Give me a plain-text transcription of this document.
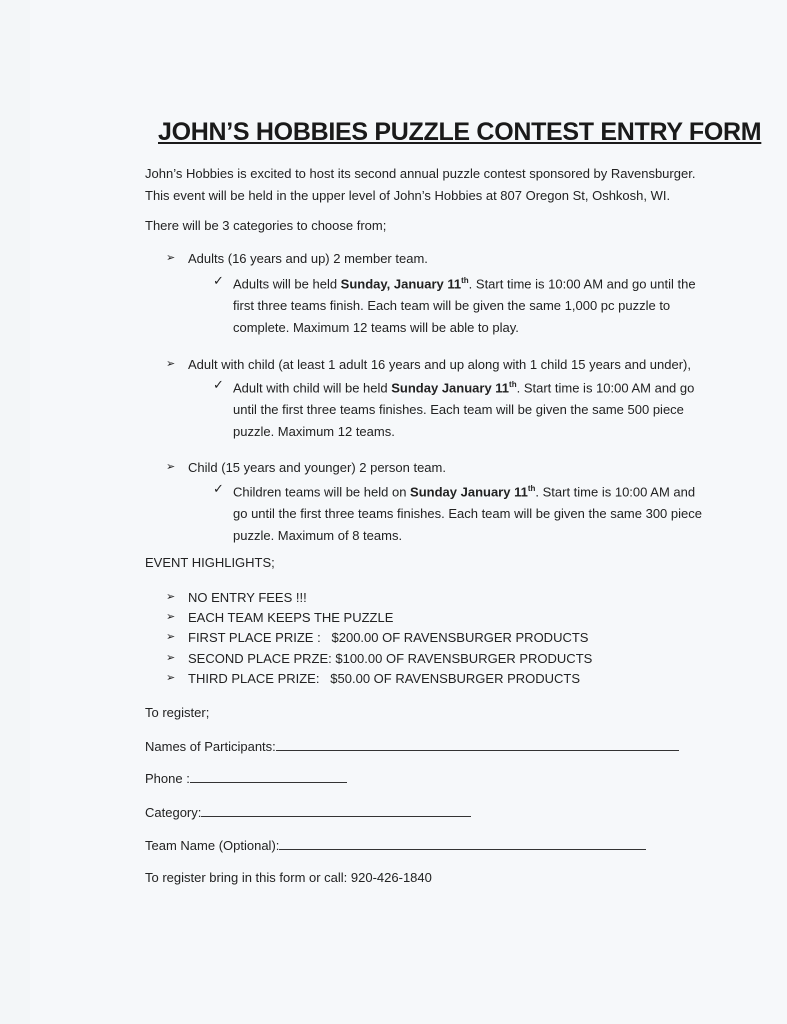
JOHN’S HOBBIES PUZZLE CONTEST ENTRY FORM
John’s Hobbies is excited to host its second annual puzzle contest sponsored by Ravensburger.
This event will be held in the upper level of John’s Hobbies at 807 Oregon St, Oshkosh, WI.
There will be 3 categories to choose from;
➢ Adults (16 years and up) 2 member team.
✓ Adults will be held Sunday, January 11th. Start time is 10:00 AM and go until the first three teams finish. Each team will be given the same 1,000 pc puzzle to complete. Maximum 12 teams will be able to play.
➢ Adult with child (at least 1 adult 16 years and up along with 1 child 15 years and under),
✓ Adult with child will be held Sunday January 11th. Start time is 10:00 AM and go until the first three teams finishes. Each team will be given the same 500 piece puzzle. Maximum 12 teams.
➢ Child (15 years and younger) 2 person team.
✓ Children teams will be held on Sunday January 11th. Start time is 10:00 AM and go until the first three teams finishes. Each team will be given the same 300 piece puzzle. Maximum of 8 teams.
EVENT HIGHLIGHTS;
➢ NO ENTRY FEES !!!
➢ EACH TEAM KEEPS THE PUZZLE
➢ FIRST PLACE PRIZE :   $200.00 OF RAVENSBURGER PRODUCTS
➢ SECOND PLACE PRZE: $100.00 OF RAVENSBURGER PRODUCTS
➢ THIRD PLACE PRIZE:   $50.00 OF RAVENSBURGER PRODUCTS
To register;
Names of Participants:
Phone :
Category:
Team Name (Optional):
To register bring in this form or call: 920-426-1840
